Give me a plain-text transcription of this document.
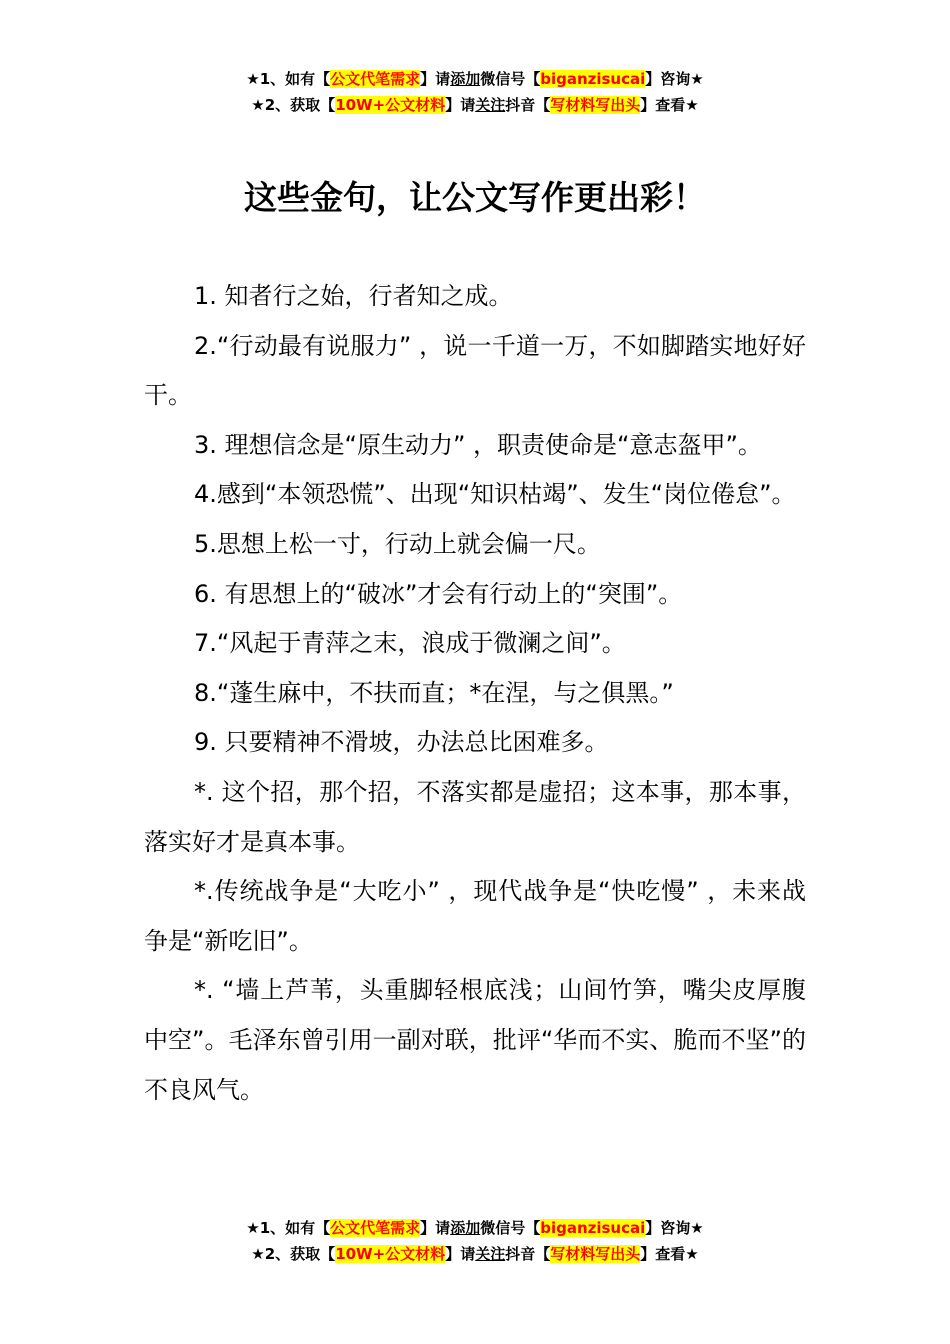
★1、如有【公文代笔需求】请添加微信号【biganzisucai】咨询★
★2、获取【10W+公文材料】请关注抖音【写材料写出头】查看★
这些金句，让公文写作更出彩！

1. 知者行之始，行者知之成。

2.“行动最有说服力” ，说一千道一万，不如脚踏实地好好干。

3. 理想信念是“原生动力” ，职责使命是“意志盔甲”。

4.感到“本领恐慌”、出现“知识枯竭”、发生“岗位倦怠”。

5.思想上松一寸，行动上就会偏一尺。

6. 有思想上的“破冰”才会有行动上的“突围”。

7.“风起于青萍之末，浪成于微澜之间”。

8.“蓬生麻中，不扶而直；*在涅，与之俱黑。”

9. 只要精神不滑坡，办法总比困难多。

*. 这个招，那个招，不落实都是虚招；这本事，那本事，落实好才是真本事。

*.传统战争是“大吃小” ，现代战争是“快吃慢” ，未来战争是“新吃旧”。

*. “墙上芦苇，头重脚轻根底浅；山间竹笋，嘴尖皮厚腹中空”。毛泽东曾引用一副对联，批评“华而不实、脆而不坚”的不良风气。

★1、如有【公文代笔需求】请添加微信号【biganzisucai】咨询★
★2、获取【10W+公文材料】请关注抖音【写材料写出头】查看★
